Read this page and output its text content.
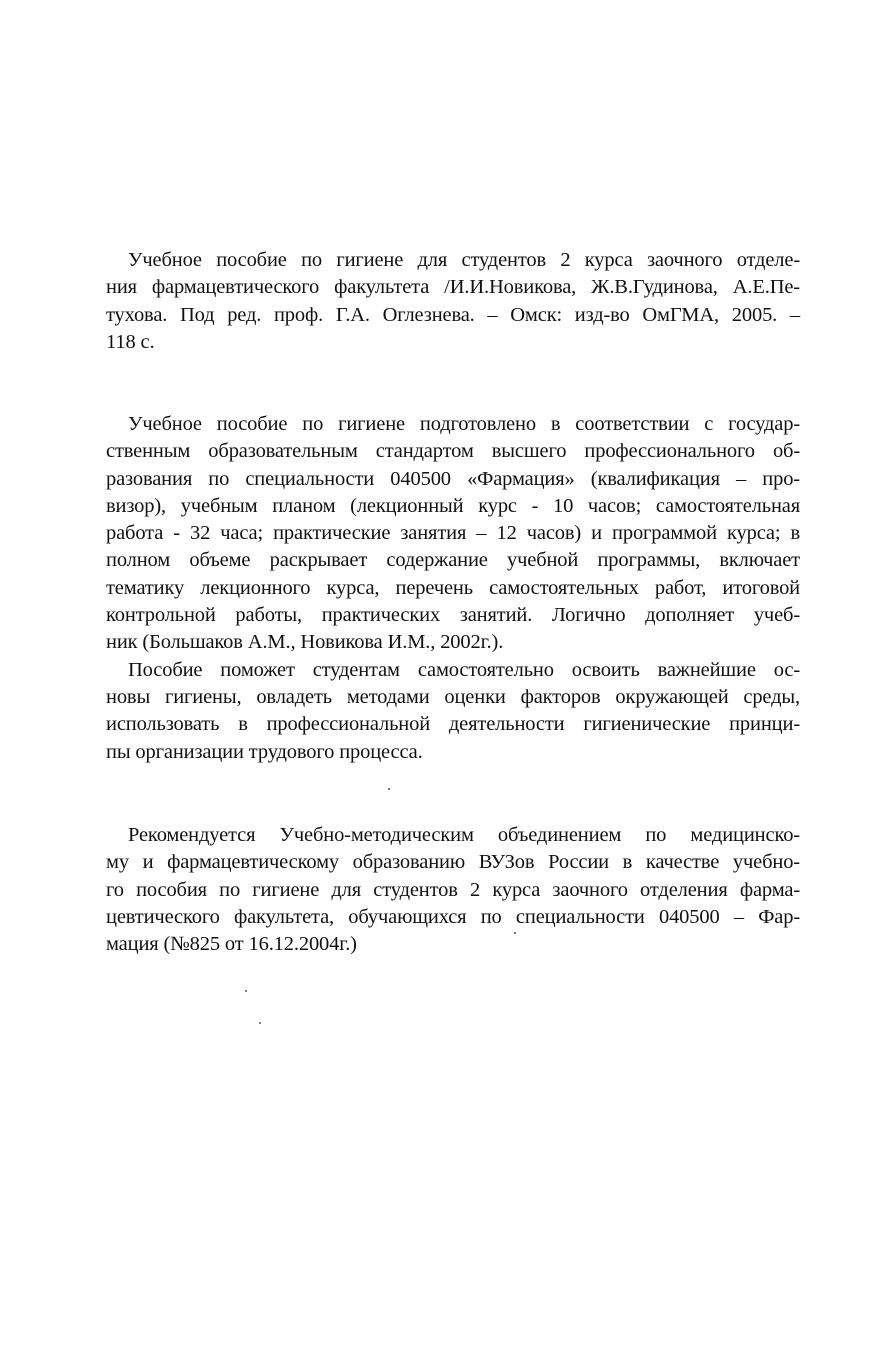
Учебное пособие по гигиене для студентов 2 курса заочного отделе-
ния фармацевтического факультета /И.И.Новикова, Ж.В.Гудинова, А.Е.Пе-
тухова. Под ред. проф. Г.А. Оглезнева. – Омск: изд-во ОмГМА, 2005. –
118 с.
Учебное пособие по гигиене подготовлено в соответствии с государ-
ственным образовательным стандартом высшего профессионального об-
разования по специальности 040500 «Фармация» (квалификация – про-
визор), учебным планом (лекционный курс - 10 часов; самостоятельная
работа - 32 часа; практические занятия – 12 часов) и программой курса; в
полном объеме раскрывает содержание учебной программы, включает
тематику лекционного курса, перечень самостоятельных работ, итоговой
контрольной работы, практических занятий. Логично дополняет учеб-
ник (Большаков А.М., Новикова И.М., 2002г.).
Пособие поможет студентам самостоятельно освоить важнейшие ос-
новы гигиены, овладеть методами оценки факторов окружающей среды,
использовать в профессиональной деятельности гигиенические принци-
пы организации трудового процесса.
Рекомендуется Учебно-методическим объединением по медицинско-
му и фармацевтическому образованию ВУЗов России в качестве учебно-
го пособия по гигиене для студентов 2 курса заочного отделения фарма-
цевтического факультета, обучающихся по специальности 040500 – Фар-
мация (№825 от 16.12.2004г.)
